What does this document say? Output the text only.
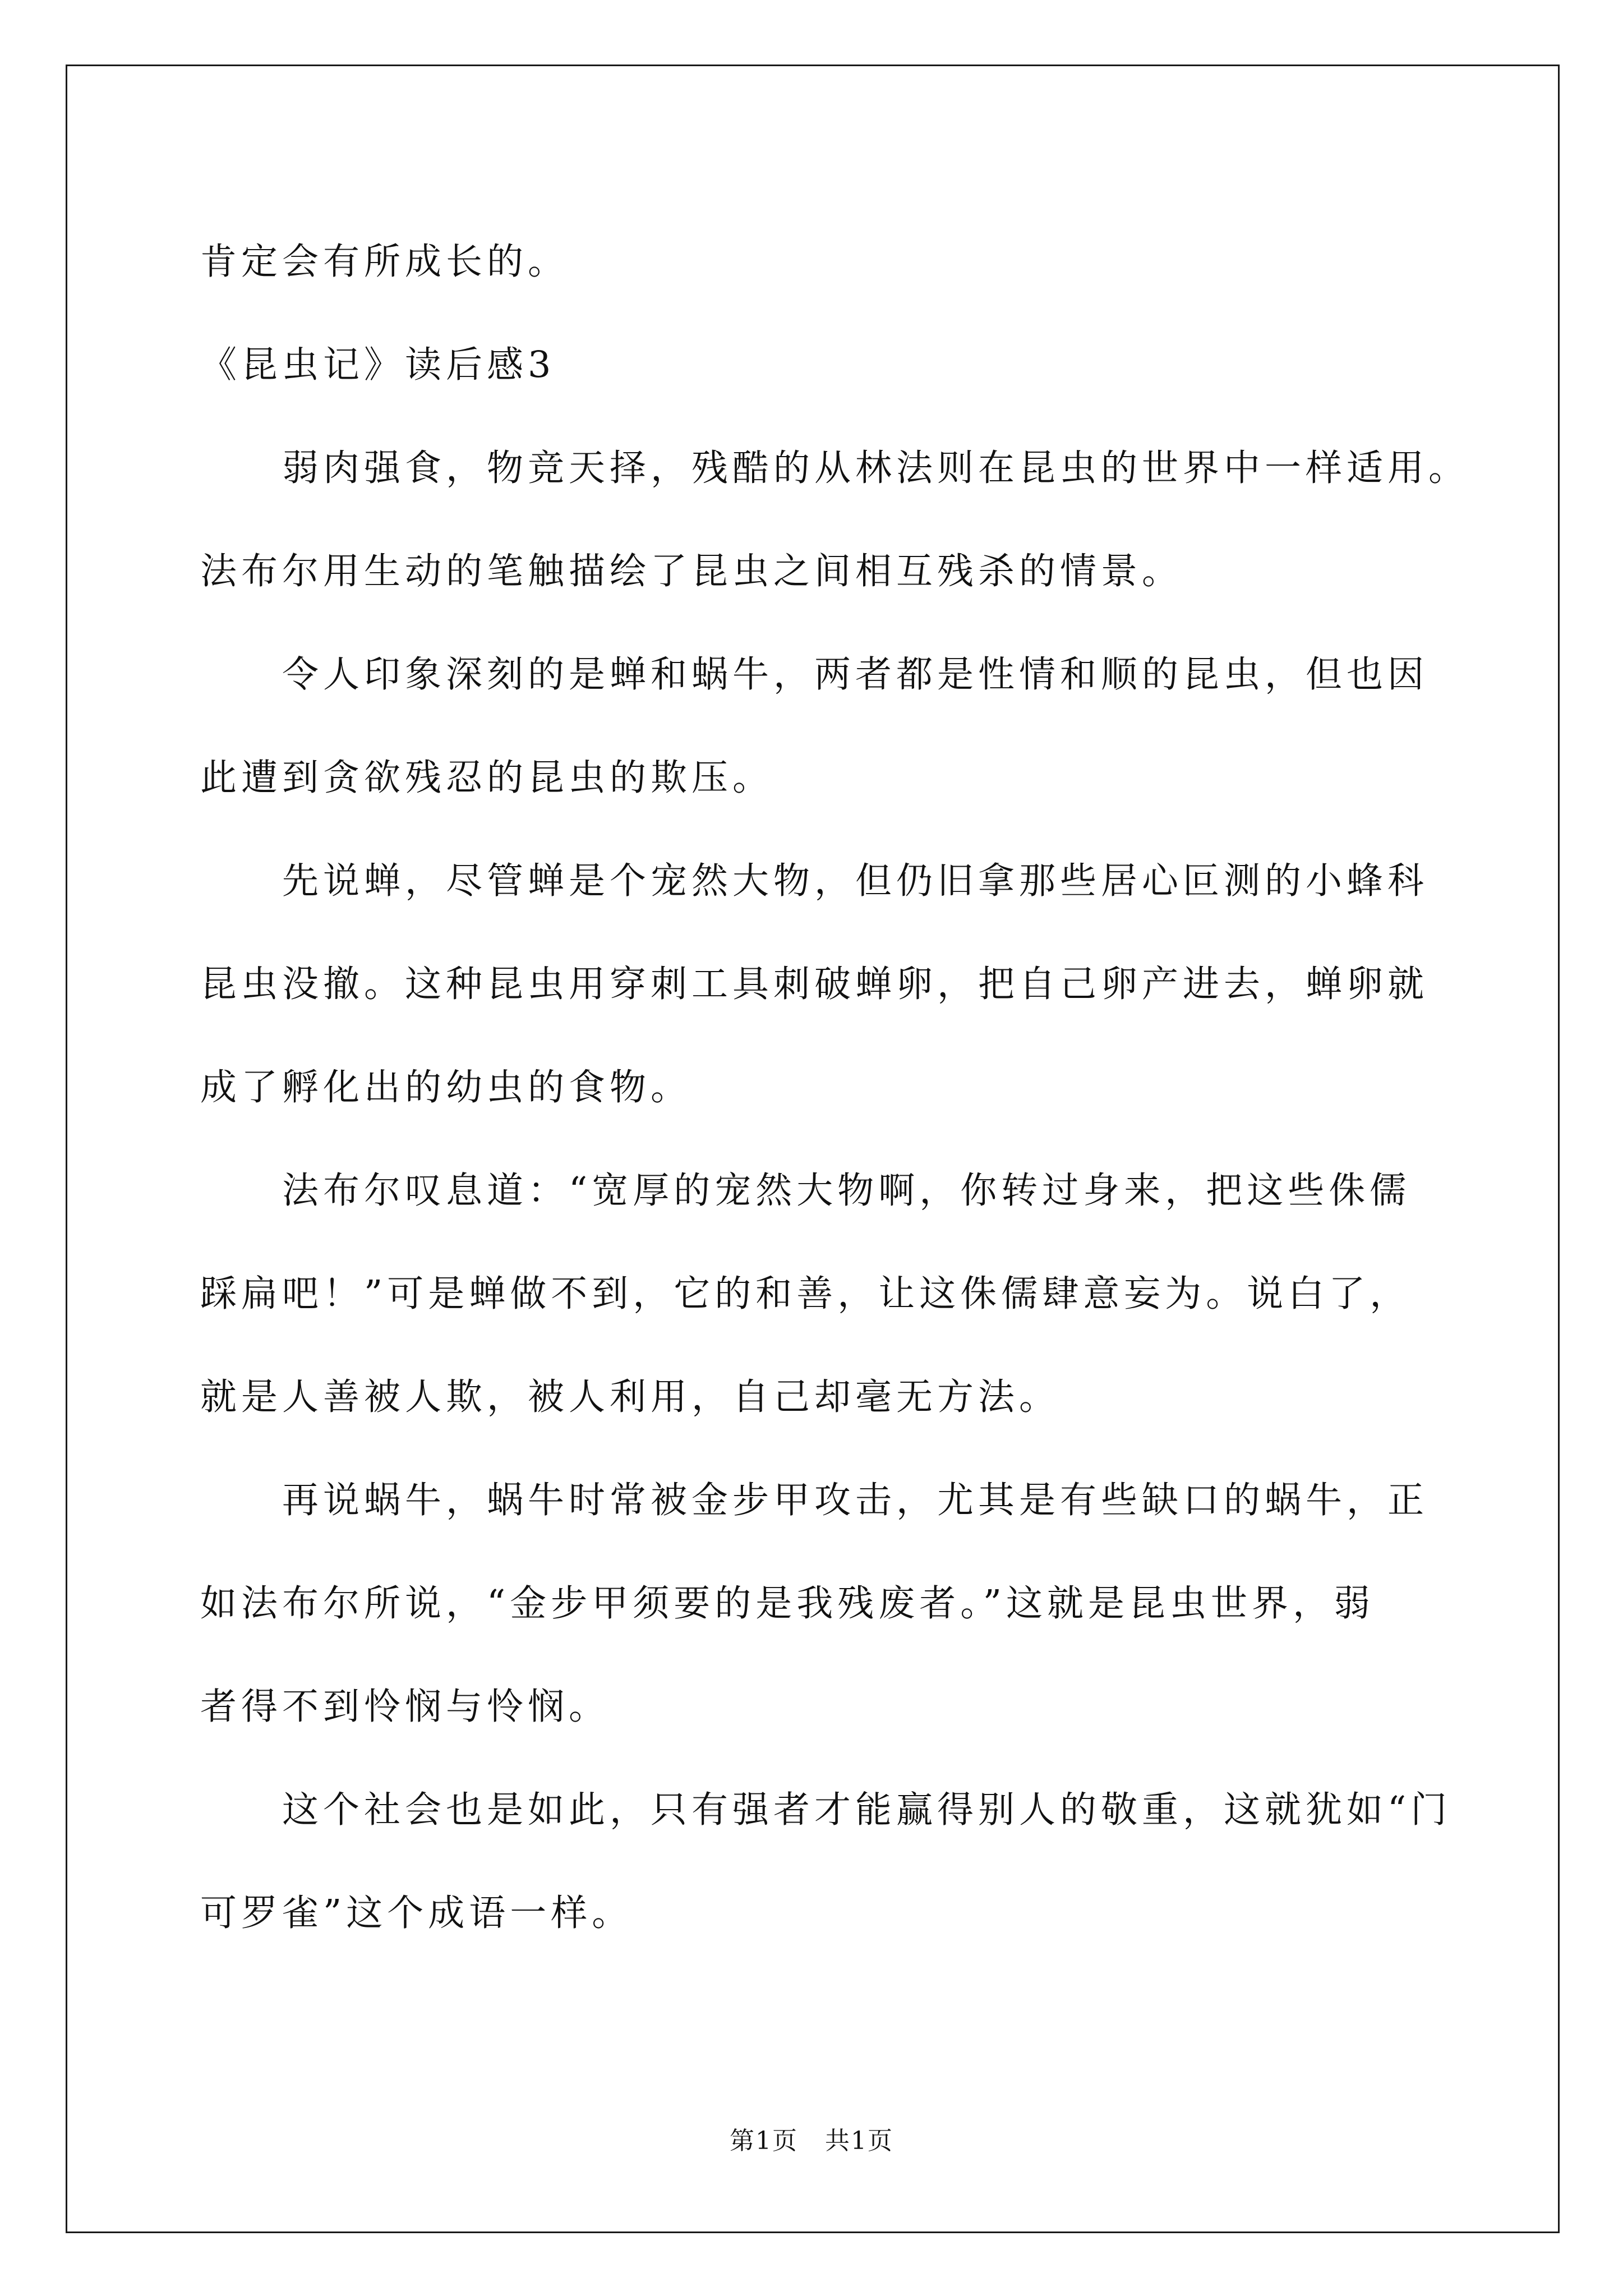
肯定会有所成长的。
《昆虫记》读后感3
弱肉强食，物竞天择，残酷的从林法则在昆虫的世界中一样适用。
法布尔用生动的笔触描绘了昆虫之间相互残杀的情景。
令人印象深刻的是蝉和蜗牛，两者都是性情和顺的昆虫，但也因
此遭到贪欲残忍的昆虫的欺压。
先说蝉，尽管蝉是个宠然大物，但仍旧拿那些居心叵测的小蜂科
昆虫没撤。这种昆虫用穿刺工具刺破蝉卵，把自己卵产进去，蝉卵就
成了孵化出的幼虫的食物。
法布尔叹息道：“宽厚的宠然大物啊，你转过身来，把这些侏儒
踩扁吧！”可是蝉做不到，它的和善，让这侏儒肆意妄为。说白了，
就是人善被人欺，被人利用，自己却毫无方法。
再说蜗牛，蜗牛时常被金步甲攻击，尤其是有些缺口的蜗牛，正
如法布尔所说，“金步甲须要的是我残废者。”这就是昆虫世界，弱
者得不到怜悯与怜悯。
这个社会也是如此，只有强者才能赢得别人的敬重，这就犹如“门
可罗雀”这个成语一样。
第1页 共1页
